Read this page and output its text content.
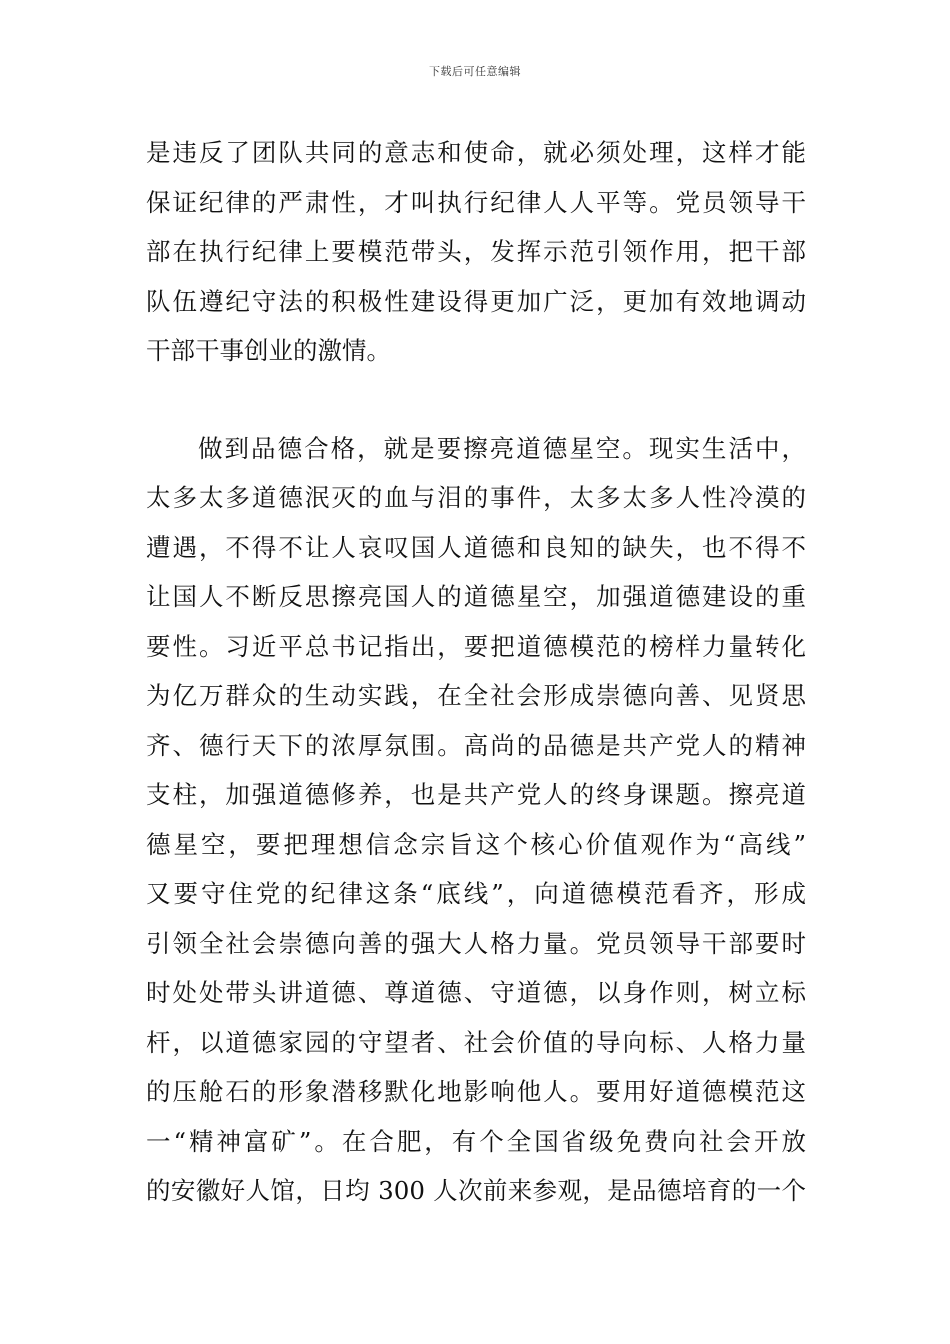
下载后可任意编辑
是违反了团队共同的意志和使命，就必须处理，这样才能
保证纪律的严肃性，才叫执行纪律人人平等。党员领导干
部在执行纪律上要模范带头，发挥示范引领作用，把干部
队伍遵纪守法的积极性建设得更加广泛，更加有效地调动
干部干事创业的激情。
做到品德合格，就是要擦亮道德星空。现实生活中，
太多太多道德泯灭的血与泪的事件，太多太多人性冷漠的
遭遇，不得不让人哀叹国人道德和良知的缺失，也不得不
让国人不断反思擦亮国人的道德星空，加强道德建设的重
要性。习近平总书记指出，要把道德模范的榜样力量转化
为亿万群众的生动实践，在全社会形成崇德向善、见贤思
齐、德行天下的浓厚氛围。高尚的品德是共产党人的精神
支柱，加强道德修养，也是共产党人的终身课题。擦亮道
德星空，要把理想信念宗旨这个核心价值观作为“高线”
又要守住党的纪律这条“底线”，向道德模范看齐，形成
引领全社会崇德向善的强大人格力量。党员领导干部要时
时处处带头讲道德、尊道德、守道德，以身作则，树立标
杆，以道德家园的守望者、社会价值的导向标、人格力量
的压舱石的形象潜移默化地影响他人。要用好道德模范这
一“精神富矿”。在合肥，有个全国省级免费向社会开放
的安徽好人馆，日均 300 人次前来参观，是品德培育的一个
